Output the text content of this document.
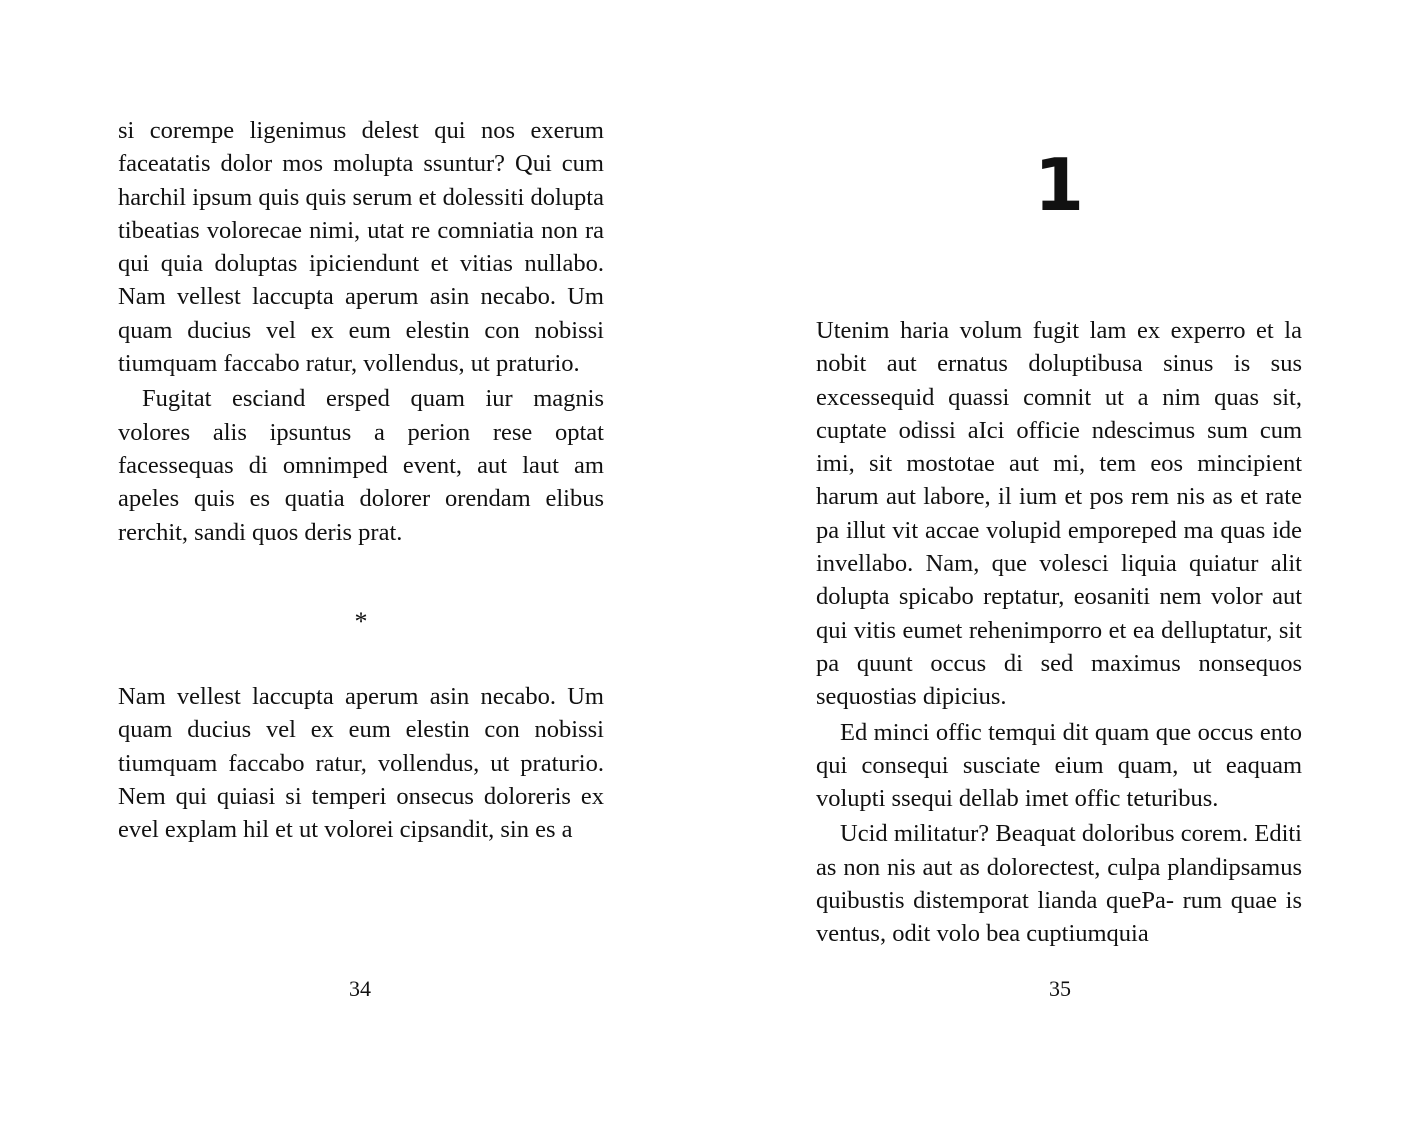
si corempe ligenimus delest qui nos exerum faceatatis dolor mos molupta ssuntur? Qui cum harchil ipsum quis quis serum et dolessiti dolupta tibeatias volorecae nimi, utat re comniatia non ra qui quia doluptas ipiciendunt et vitias nullabo. Nam vellest laccupta aperum asin necabo. Um quam ducius vel ex eum elestin con nobissi tiumquam faccabo ratur, vollendus, ut praturio.

Fugitat esciand ersped quam iur magnis volores alis ipsuntus a perion rese optat facessequas di omnimped event, aut laut am apeles quis es quatia dolorer orendam elibus rerchit, sandi quos deris prat.

*

Nam vellest laccupta aperum asin necabo. Um quam ducius vel ex eum elestin con nobissi tiumquam faccabo ratur, vollendus, ut praturio. Nem qui quiasi si temperi onsecus doloreris ex evel explam hil et ut volorei cipsandit, sin es a

34
1

Utenim haria volum fugit lam ex experro et la nobit aut ernatus doluptibusa sinus is sus excessequid quassi comnit ut a nim quas sit, cuptate odissi aIci officie ndescimus sum cum imi, sit mostotae aut mi, tem eos mincipient harum aut labore, il ium et pos rem nis as et rate pa illut vit accae volupid emporeped ma quas ide invellabo. Nam, que volesci liquia quiatur alit dolupta spicabo reptatur, eosaniti nem volor aut qui vitis eumet rehenimporro et ea delluptatur, sit pa quunt occus di sed maximus nonsequos sequostias dipicius.

Ed minci offic temqui dit quam que occus ento qui consequi susciate eium quam, ut eaquam volupti ssequi dellab imet offic teturibus.

Ucid militatur? Beaquat doloribus corem. Editi as non nis aut as dolorectest, culpa plandipsamus quibustis distemporat lianda quePa- rum quae is ventus, odit volo bea cuptiumquia

35
